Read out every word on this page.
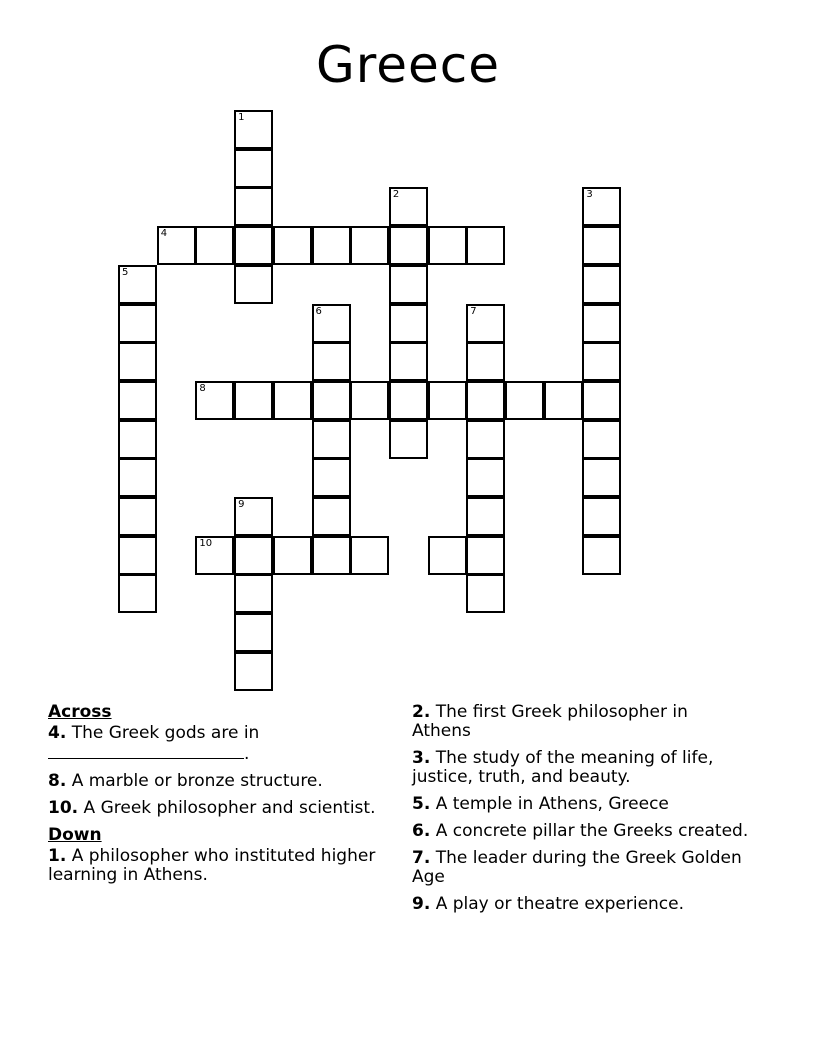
Greece
1
2	3
5
6	7
8
9
10
4
Across
4. The Greek gods are in
.
8. A marble or bronze structure.
10. A Greek philosopher and scientist.
Down
1. A philosopher who instituted higher learning in Athens.
2. The first Greek philosopher in Athens
3. The study of the meaning of life, justice, truth, and beauty.
5. A temple in Athens, Greece
6. A concrete pillar the Greeks created.
7. The leader during the Greek Golden Age
9. A play or theatre experience.
